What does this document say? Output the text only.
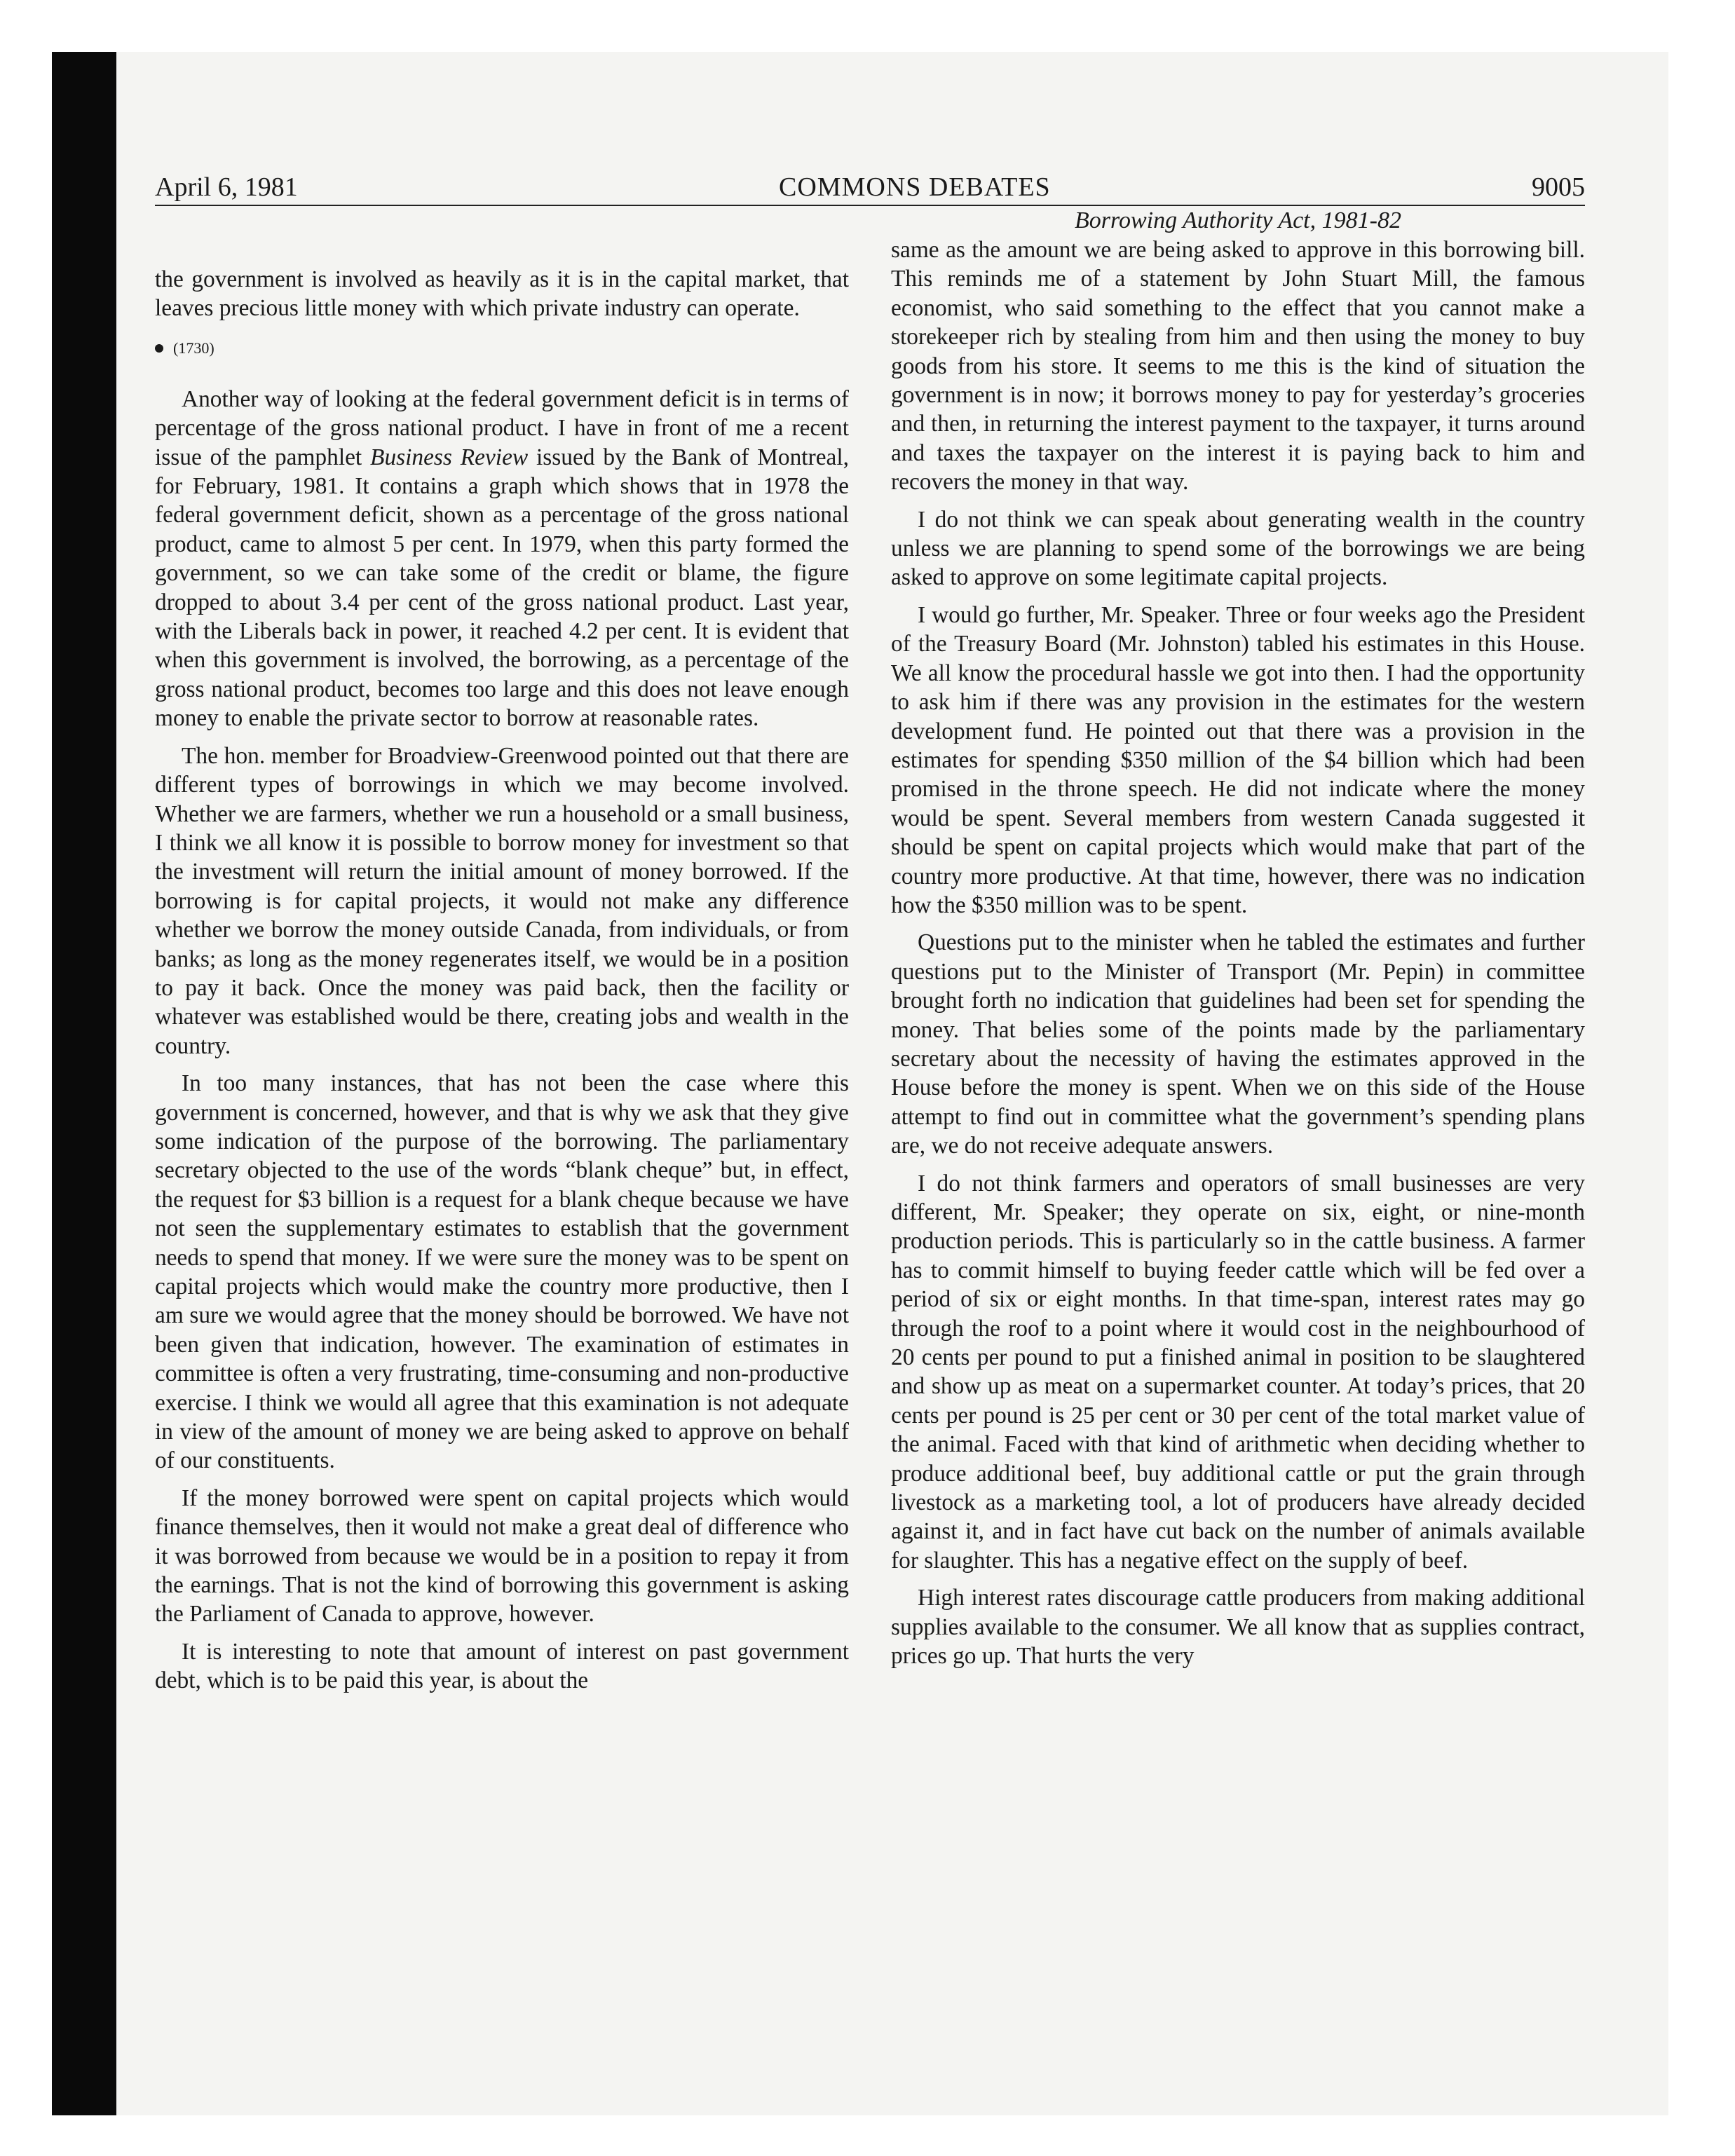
April 6, 1981	COMMONS DEBATES	9005

the government is involved as heavily as it is in the capital market, that leaves precious little money with which private industry can operate.

(1730)

Another way of looking at the federal government deficit is in terms of percentage of the gross national product. I have in front of me a recent issue of the pamphlet Business Review issued by the Bank of Montreal, for February, 1981. It contains a graph which shows that in 1978 the federal government deficit, shown as a percentage of the gross national product, came to almost 5 per cent. In 1979, when this party formed the government, so we can take some of the credit or blame, the figure dropped to about 3.4 per cent of the gross national product. Last year, with the Liberals back in power, it reached 4.2 per cent. It is evident that when this government is involved, the borrowing, as a percentage of the gross national product, becomes too large and this does not leave enough money to enable the private sector to borrow at reasonable rates.

The hon. member for Broadview-Greenwood pointed out that there are different types of borrowings in which we may become involved. Whether we are farmers, whether we run a household or a small business, I think we all know it is possible to borrow money for investment so that the investment will return the initial amount of money borrowed. If the borrowing is for capital projects, it would not make any difference whether we borrow the money outside Canada, from individuals, or from banks; as long as the money regenerates itself, we would be in a position to pay it back. Once the money was paid back, then the facility or whatever was established would be there, creating jobs and wealth in the country.

In too many instances, that has not been the case where this government is concerned, however, and that is why we ask that they give some indication of the purpose of the borrowing. The parliamentary secretary objected to the use of the words “blank cheque” but, in effect, the request for $3 billion is a request for a blank cheque because we have not seen the supplementary estimates to establish that the government needs to spend that money. If we were sure the money was to be spent on capital projects which would make the country more productive, then I am sure we would agree that the money should be borrowed. We have not been given that indication, however. The examination of estimates in committee is often a very frustrating, time-consuming and non-productive exercise. I think we would all agree that this examination is not adequate in view of the amount of money we are being asked to approve on behalf of our constituents.

If the money borrowed were spent on capital projects which would finance themselves, then it would not make a great deal of difference who it was borrowed from because we would be in a position to repay it from the earnings. That is not the kind of borrowing this government is asking the Parliament of Canada to approve, however.

It is interesting to note that amount of interest on past government debt, which is to be paid this year, is about the

Borrowing Authority Act, 1981-82

same as the amount we are being asked to approve in this borrowing bill. This reminds me of a statement by John Stuart Mill, the famous economist, who said something to the effect that you cannot make a storekeeper rich by stealing from him and then using the money to buy goods from his store. It seems to me this is the kind of situation the government is in now; it borrows money to pay for yesterday’s groceries and then, in returning the interest payment to the taxpayer, it turns around and taxes the taxpayer on the interest it is paying back to him and recovers the money in that way.

I do not think we can speak about generating wealth in the country unless we are planning to spend some of the borrowings we are being asked to approve on some legitimate capital projects.

I would go further, Mr. Speaker. Three or four weeks ago the President of the Treasury Board (Mr. Johnston) tabled his estimates in this House. We all know the procedural hassle we got into then. I had the opportunity to ask him if there was any provision in the estimates for the western development fund. He pointed out that there was a provision in the estimates for spending $350 million of the $4 billion which had been promised in the throne speech. He did not indicate where the money would be spent. Several members from western Canada suggested it should be spent on capital projects which would make that part of the country more productive. At that time, however, there was no indication how the $350 million was to be spent.

Questions put to the minister when he tabled the estimates and further questions put to the Minister of Transport (Mr. Pepin) in committee brought forth no indication that guidelines had been set for spending the money. That belies some of the points made by the parliamentary secretary about the necessity of having the estimates approved in the House before the money is spent. When we on this side of the House attempt to find out in committee what the government’s spending plans are, we do not receive adequate answers.

I do not think farmers and operators of small businesses are very different, Mr. Speaker; they operate on six, eight, or nine-month production periods. This is particularly so in the cattle business. A farmer has to commit himself to buying feeder cattle which will be fed over a period of six or eight months. In that time-span, interest rates may go through the roof to a point where it would cost in the neighbourhood of 20 cents per pound to put a finished animal in position to be slaughtered and show up as meat on a supermarket counter. At today’s prices, that 20 cents per pound is 25 per cent or 30 per cent of the total market value of the animal. Faced with that kind of arithmetic when deciding whether to produce additional beef, buy additional cattle or put the grain through livestock as a marketing tool, a lot of producers have already decided against it, and in fact have cut back on the number of animals available for slaughter. This has a negative effect on the supply of beef.

High interest rates discourage cattle producers from making additional supplies available to the consumer. We all know that as supplies contract, prices go up. That hurts the very
